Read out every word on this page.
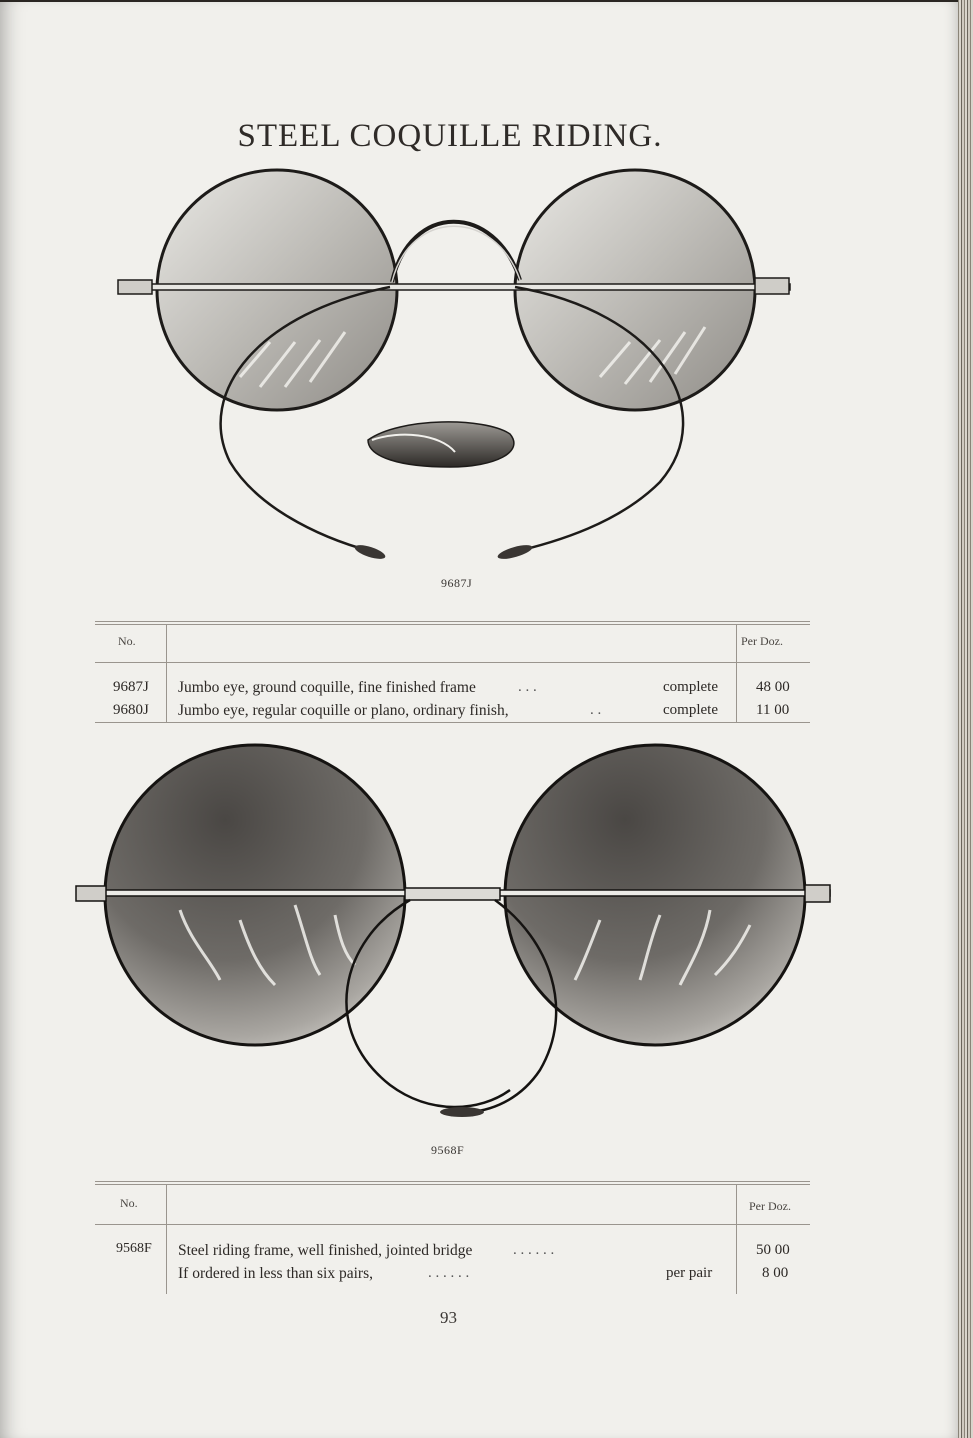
STEEL COQUILLE RIDING.
9687J
No.	Per Doz.
9687J Jumbo eye, ground coquille, fine finished frame	. . .	complete	48 00
9680J Jumbo eye, regular coquille or plano, ordinary finish,	. .	complete	11 00
9568F
No.	Per Doz.
9568F Steel riding frame, well finished, jointed bridge	. . . . . .	50 00
If ordered in less than six pairs,	. . . . . .	per pair	8 00
93
